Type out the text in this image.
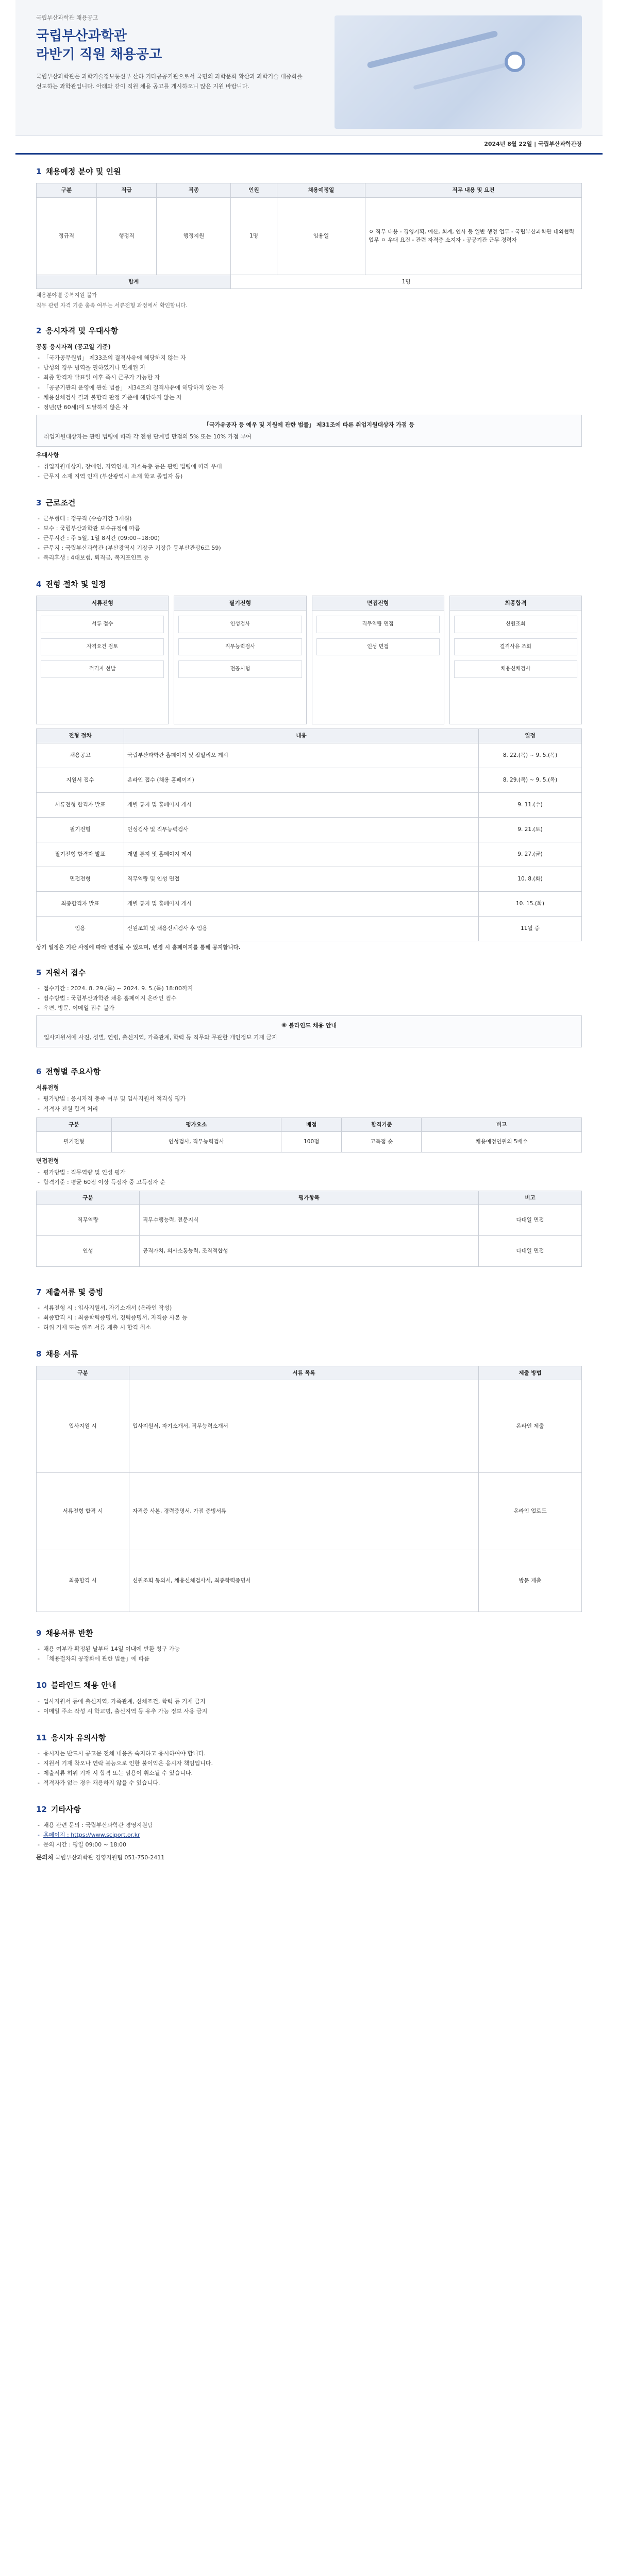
국립부산과학관 채용공고
국립부산과학관
라반기 직원 채용공고
국립부산과학관은 과학기술정보통신부 산하 기타공공기관으로서 국민의 과학문화 확산과 과학기술 대중화를 선도하는 과학관입니다. 아래와 같이 직원 채용 공고를 게시하오니 많은 지원 바랍니다.
2024년 8월 22일 | 국립부산과학관장
1 채용예정 분야 및 인원
구분	직급	직종	인원	채용예정일	직무 내용 및 요건
정규직	행정직	행정지원	1명	임용일	ㅇ 직무 내용 - 경영기획, 예산, 회계, 인사 등 일반 행정 업무 - 국립부산과학관 대외협력 업무 ㅇ 우대 요건 - 관련 자격증 소지자 - 공공기관 근무 경력자
합계			1명		
채용분야별 중복지원 불가
직무 관련 자격 기준 충족 여부는 서류전형 과정에서 확인합니다.
2 응시자격 및 우대사항
공통 응시자격 (공고일 기준)
- 「국가공무원법」 제33조의 결격사유에 해당하지 않는 자
- 남성의 경우 병역을 필하였거나 면제된 자
- 최종 합격자 발표일 이후 즉시 근무가 가능한 자
- 「공공기관의 운영에 관한 법률」 제34조의 결격사유에 해당하지 않는 자
- 채용신체검사 결과 불합격 판정 기준에 해당하지 않는 자
- 정년(만 60세)에 도달하지 않은 자
「국가유공자 등 예우 및 지원에 관한 법률」 제31조에 따른 취업지원대상자 가점 등
취업지원대상자는 관련 법령에 따라 각 전형 단계별 만점의 5% 또는 10% 가점 부여
우대사항
- 취업지원대상자, 장애인, 지역인재, 저소득층 등은 관련 법령에 따라 우대
- 근무지 소재 지역 인재 (부산광역시 소재 학교 졸업자 등)
3 근로조건
- 근무형태 : 정규직 (수습기간 3개월)
- 보수 : 국립부산과학관 보수규정에 따름
- 근무시간 : 주 5일, 1일 8시간 (09:00~18:00)
- 근무지 : 국립부산과학관 (부산광역시 기장군 기장읍 동부산관광6로 59)
- 복리후생 : 4대보험, 퇴직금, 복지포인트 등
4 전형 절차 및 일정
서류전형
서류 접수
자격요건 검토
적격자 선발
필기전형
인성검사
직무능력검사
전공시험
면접전형
직무역량 면접
인성 면접
최종합격
신원조회
결격사유 조회
채용신체검사
전형 절차	내용	일정
채용공고	국립부산과학관 홈페이지 및 잡알리오 게시	8. 22.(목) ~ 9. 5.(목)
지원서 접수	온라인 접수 (채용 홈페이지)	8. 29.(목) ~ 9. 5.(목)
서류전형 합격자 발표	개별 통지 및 홈페이지 게시	9. 11.(수)
필기전형	인성검사 및 직무능력검사	9. 21.(토)
필기전형 합격자 발표	개별 통지 및 홈페이지 게시	9. 27.(금)
면접전형	직무역량 및 인성 면접	10. 8.(화)
최종합격자 발표	개별 통지 및 홈페이지 게시	10. 15.(화)
임용	신원조회 및 채용신체검사 후 임용	11월 중
상기 일정은 기관 사정에 따라 변경될 수 있으며, 변경 시 홈페이지를 통해 공지합니다.
5 지원서 접수
- 접수기간 : 2024. 8. 29.(목) ~ 2024. 9. 5.(목) 18:00까지
- 접수방법 : 국립부산과학관 채용 홈페이지 온라인 접수
- 우편, 방문, 이메일 접수 불가
※ 블라인드 채용 안내
입사지원서에 사진, 성별, 연령, 출신지역, 가족관계, 학력 등 직무와 무관한 개인정보 기재 금지
6 전형별 주요사항
서류전형
- 평가방법 : 응시자격 충족 여부 및 입사지원서 적격성 평가
- 적격자 전원 합격 처리
구분	평가요소	배점	합격기준	비고
필기전형	인성검사, 직무능력검사	100점	고득점 순	채용예정인원의 5배수
면접전형
- 평가방법 : 직무역량 및 인성 평가
- 합격기준 : 평균 60점 이상 득점자 중 고득점자 순
구분	평가항목	비고
직무역량	직무수행능력, 전문지식	다대일 면접
인성	공직가치, 의사소통능력, 조직적합성	다대일 면접
7 제출서류 및 증빙
- 서류전형 시 : 입사지원서, 자기소개서 (온라인 작성)
- 최종합격 시 : 최종학력증명서, 경력증명서, 자격증 사본 등
- 허위 기재 또는 위조 서류 제출 시 합격 취소
8 채용 서류
구분	서류 목록	제출 방법
입사지원 시	입사지원서, 자기소개서, 직무능력소개서	온라인 제출
서류전형 합격 시	자격증 사본, 경력증명서, 가점 증빙서류	온라인 업로드
최종합격 시	신원조회 동의서, 채용신체검사서, 최종학력증명서	방문 제출
9 채용서류 반환
- 채용 여부가 확정된 날부터 14일 이내에 반환 청구 가능
- 「채용절차의 공정화에 관한 법률」에 따름
10 블라인드 채용 안내
- 입사지원서 등에 출신지역, 가족관계, 신체조건, 학력 등 기재 금지
- 이메일 주소 작성 시 학교명, 출신지역 등 유추 가능 정보 사용 금지
11 응시자 유의사항
- 응시자는 반드시 공고문 전체 내용을 숙지하고 응시하여야 합니다.
- 지원서 기재 착오나 연락 불능으로 인한 불이익은 응시자 책임입니다.
- 제출서류 허위 기재 시 합격 또는 임용이 취소될 수 있습니다.
- 적격자가 없는 경우 채용하지 않을 수 있습니다.
12 기타사항
- 채용 관련 문의 : 국립부산과학관 경영지원팀
- 홈페이지 : https://www.sciport.or.kr
- 문의 시간 : 평일 09:00 ~ 18:00
문의처 국립부산과학관 경영지원팀 051-750-2411
